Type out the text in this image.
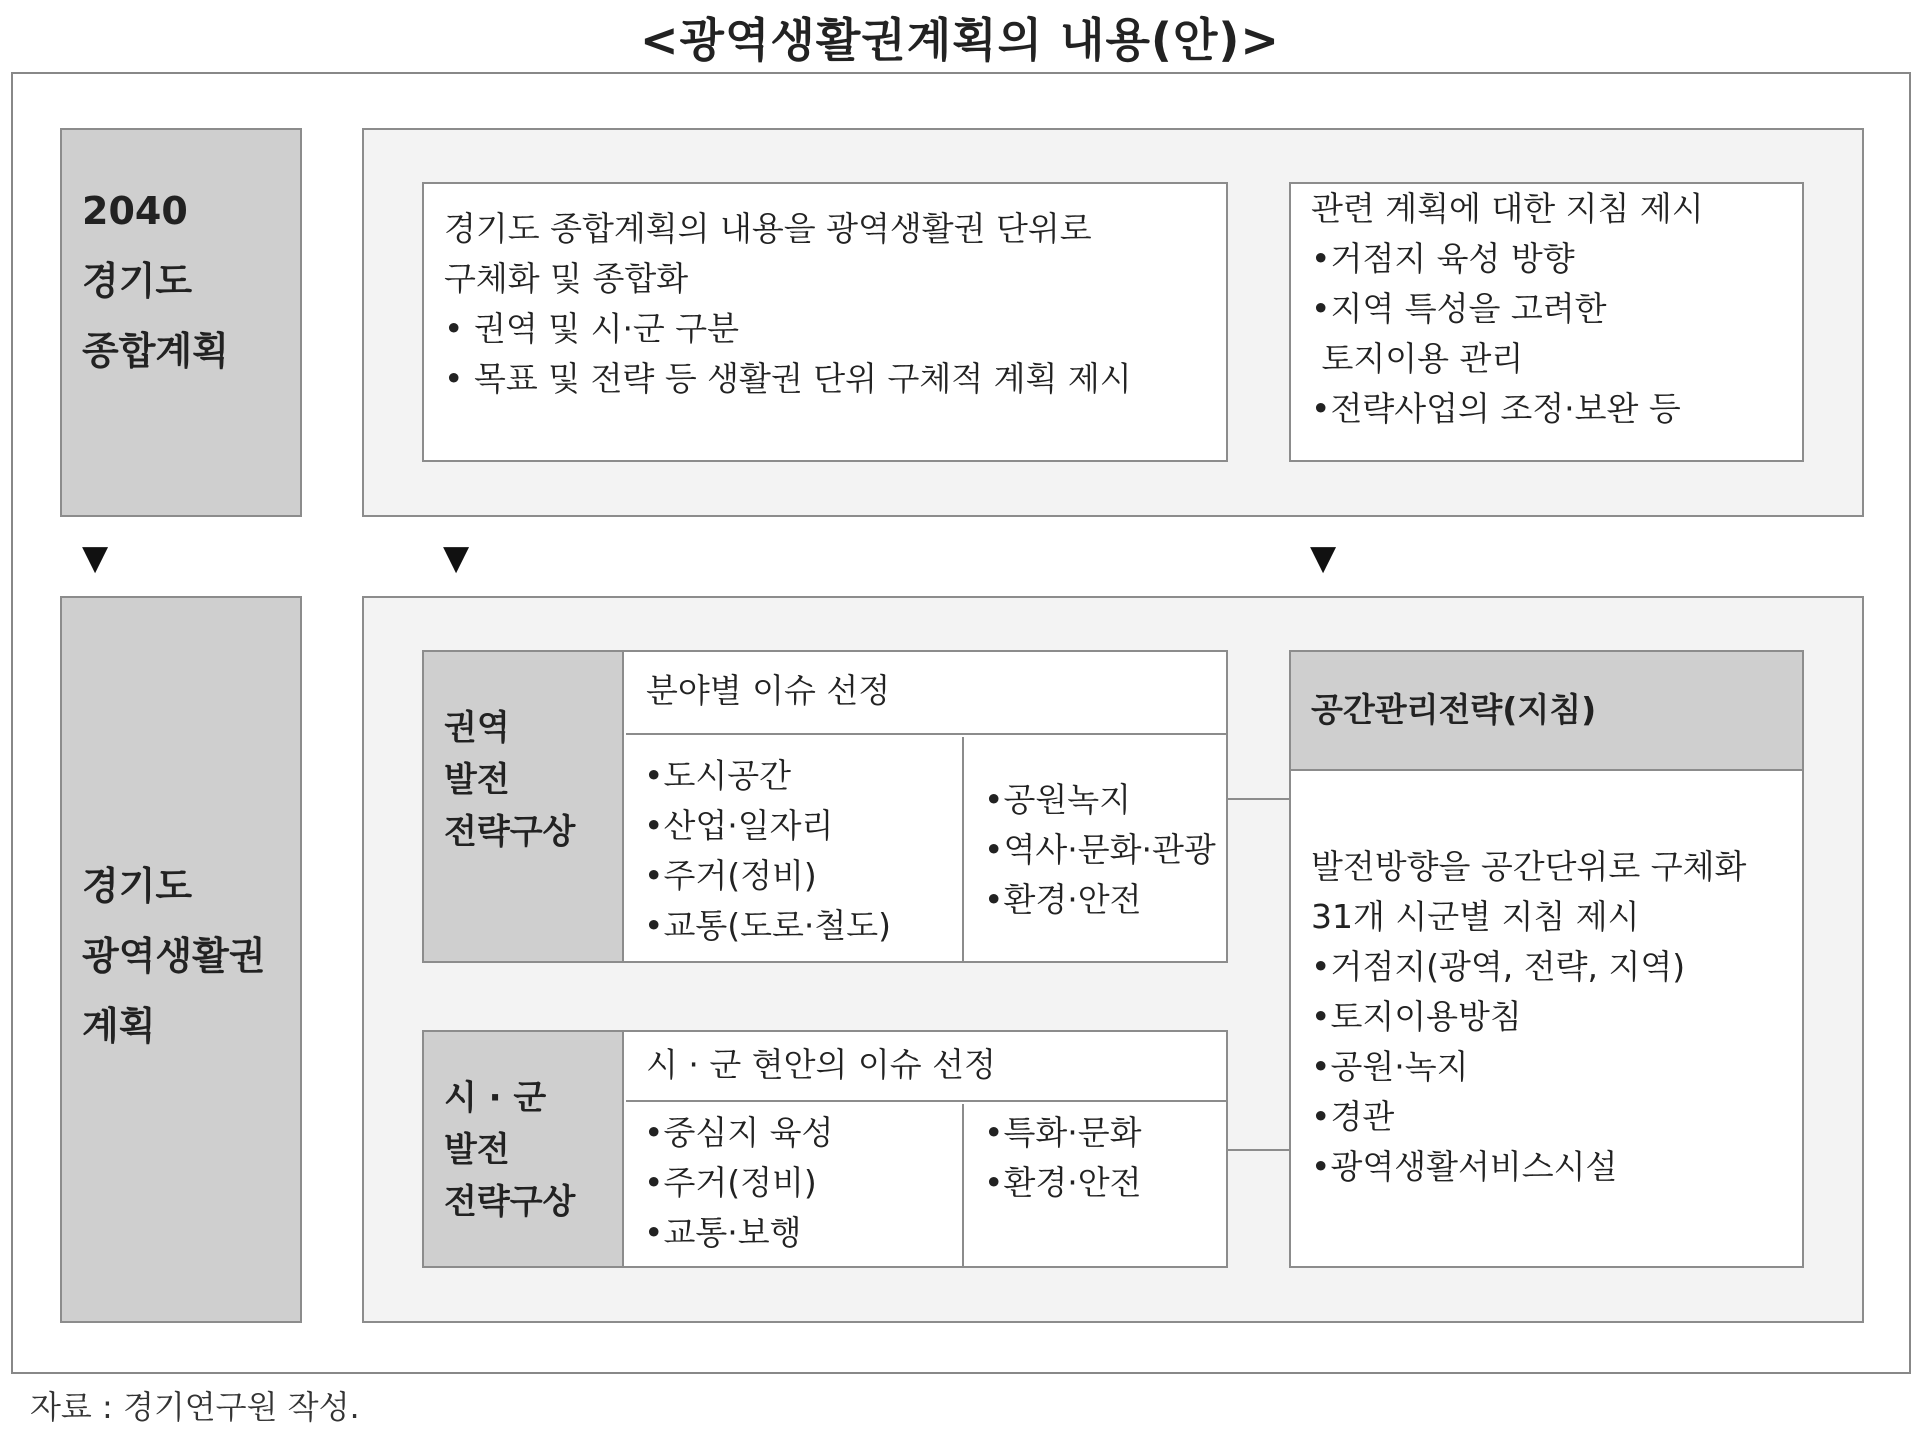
<광역생활권계획의 내용(안)>
2040
경기도
종합계획
경기도 종합계획의 내용을 광역생활권 단위로
구체화 및 종합화
• 권역 및 시·군 구분
• 목표 및 전략 등 생활권 단위 구체적 계획 제시
관련 계획에 대한 지침 제시
•거점지 육성 방향
•지역 특성을 고려한
토지이용 관리
•전략사업의 조정·보완 등
▼	▼	▼
경기도
광역생활권
계획
권역
발전
전략구상
분야별 이슈 선정
•도시공간
•산업·일자리
•주거(정비)
•교통(도로·철도)
•공원녹지
•역사·문화·관광
•환경·안전
시 · 군
발전
전략구상
시 · 군 현안의 이슈 선정
•중심지 육성
•주거(정비)
•교통·보행
•특화·문화
•환경·안전
공간관리전략(지침)
발전방향을 공간단위로 구체화
31개 시군별 지침 제시
•거점지(광역, 전략, 지역)
•토지이용방침
•공원·녹지
•경관
•광역생활서비스시설
자료 : 경기연구원 작성.
